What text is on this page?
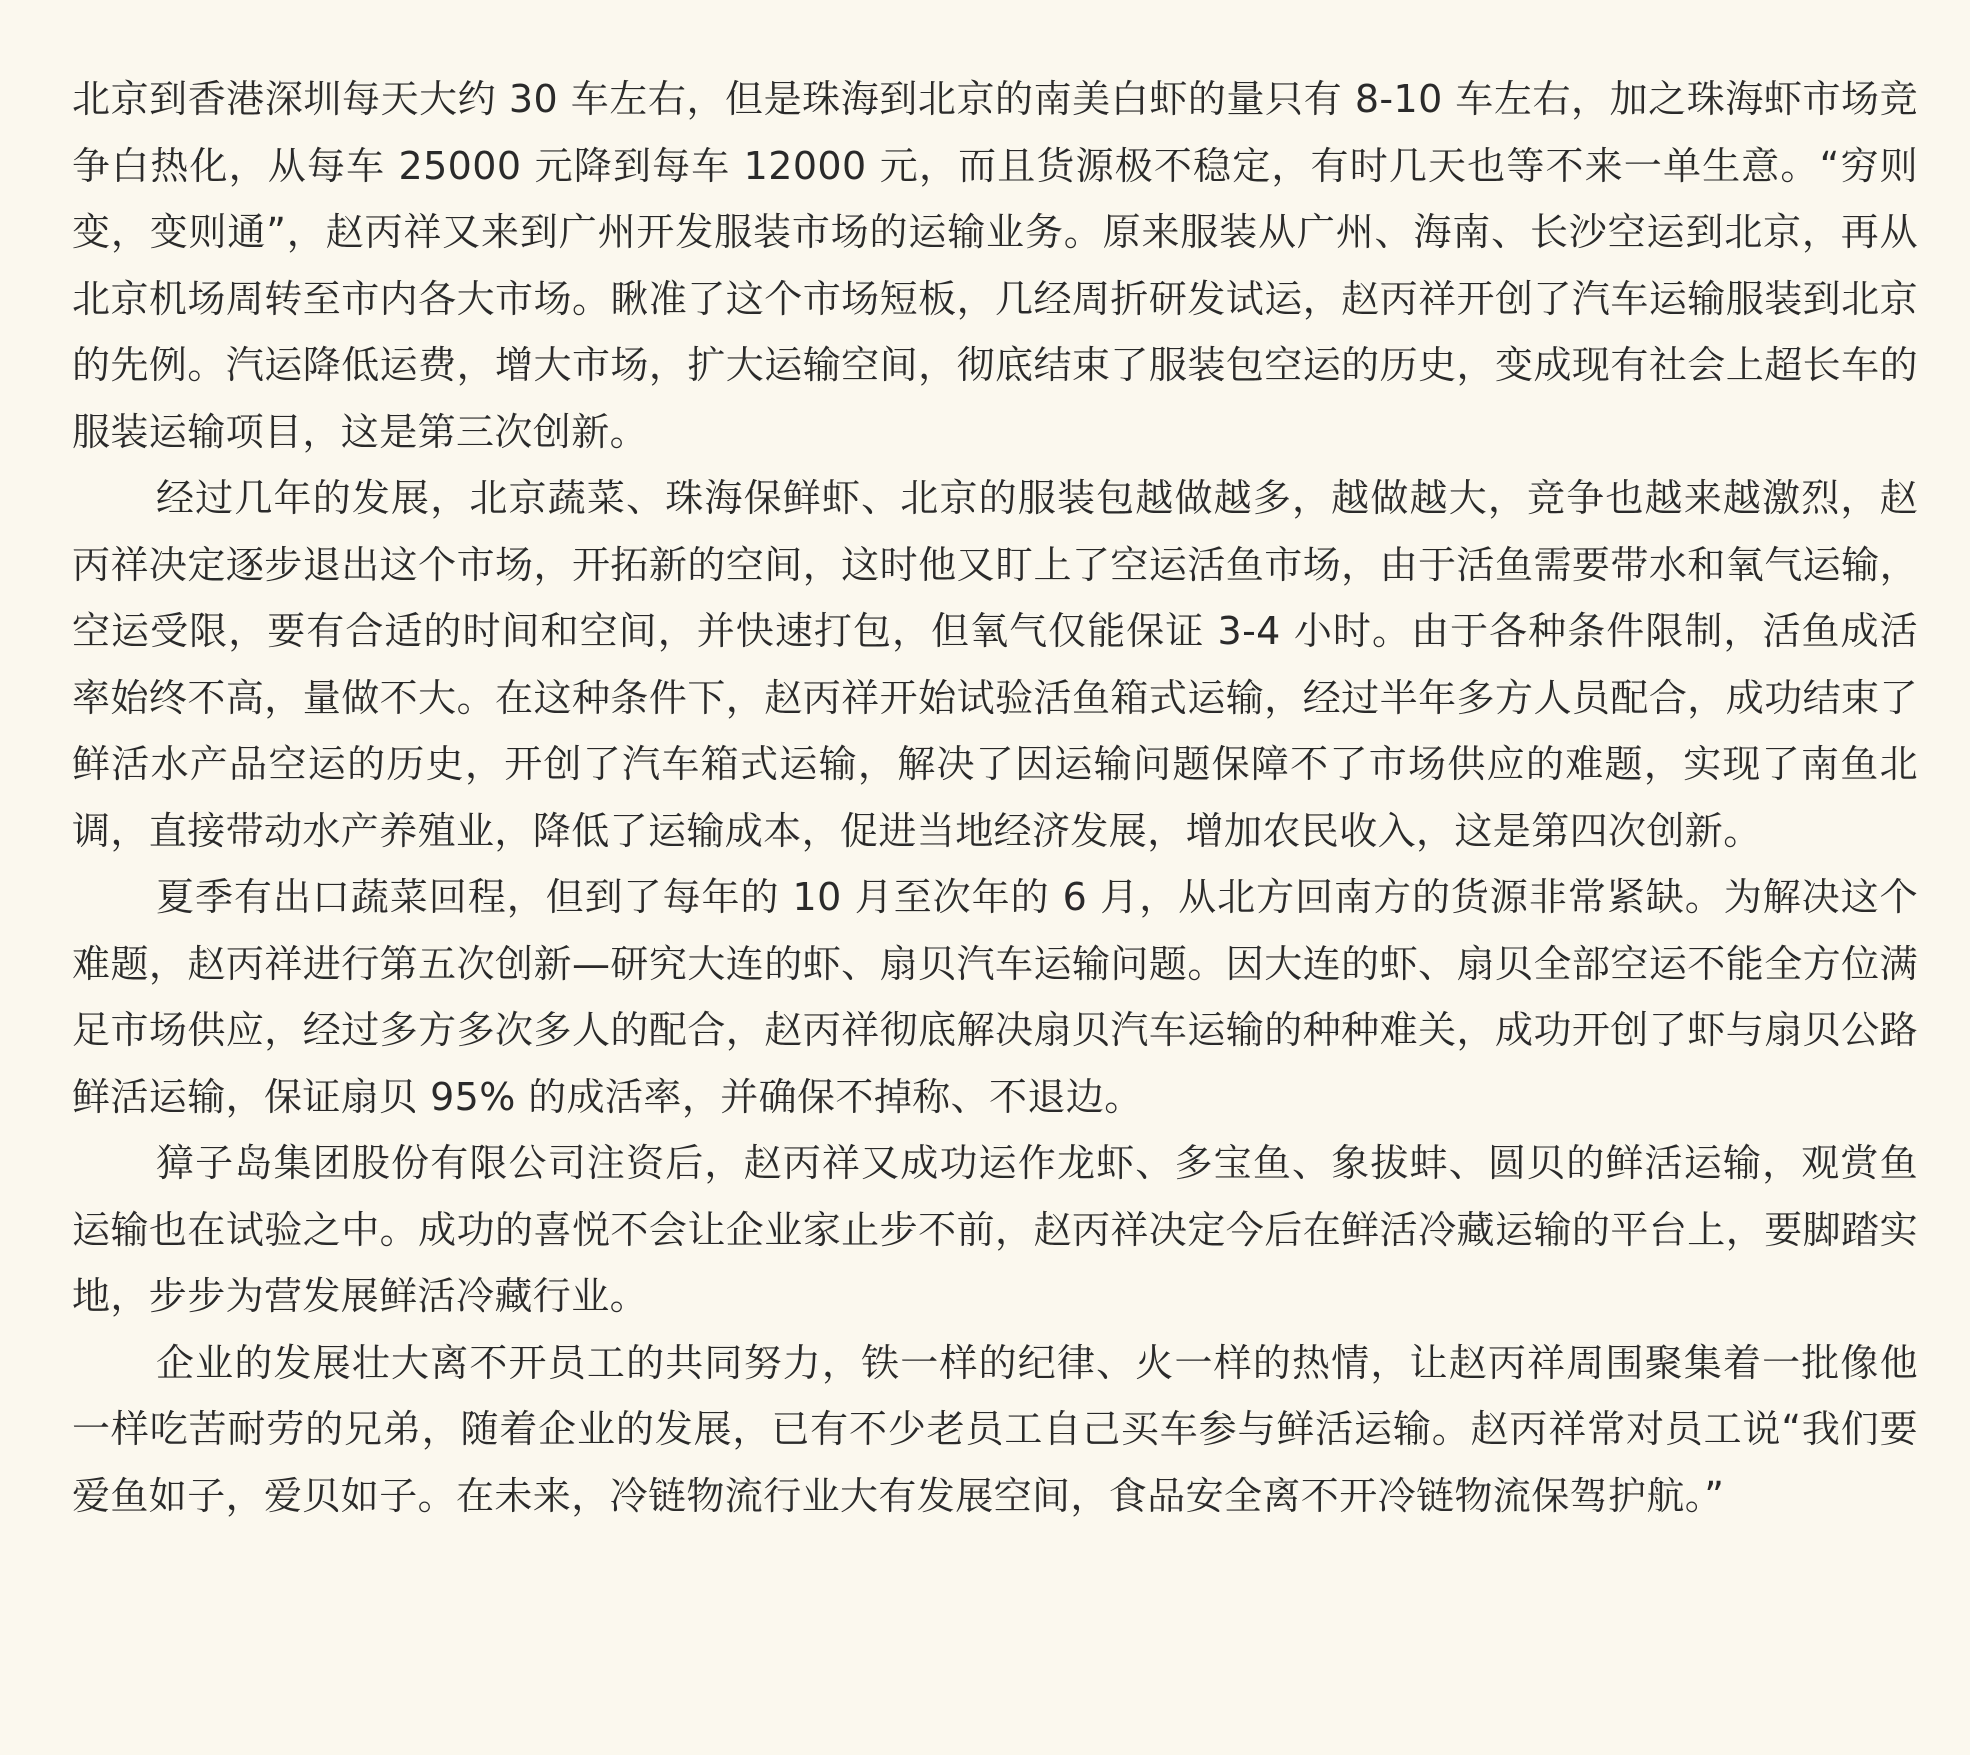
北京到香港深圳每天大约 30 车左右，但是珠海到北京的南美白虾的量只有 8-10 车左右，加之珠海虾市场竞争白热化，从每车 25000 元降到每车 12000 元，而且货源极不稳定，有时几天也等不来一单生意。“穷则变，变则通”，赵丙祥又来到广州开发服装市场的运输业务。原来服装从广州、海南、长沙空运到北京，再从北京机场周转至市内各大市场。瞅准了这个市场短板，几经周折研发试运，赵丙祥开创了汽车运输服装到北京的先例。汽运降低运费，增大市场，扩大运输空间，彻底结束了服装包空运的历史，变成现有社会上超长车的服装运输项目，这是第三次创新。

经过几年的发展，北京蔬菜、珠海保鲜虾、北京的服装包越做越多，越做越大，竞争也越来越激烈，赵丙祥决定逐步退出这个市场，开拓新的空间，这时他又盯上了空运活鱼市场，由于活鱼需要带水和氧气运输，空运受限，要有合适的时间和空间，并快速打包，但氧气仅能保证 3-4 小时。由于各种条件限制，活鱼成活率始终不高，量做不大。在这种条件下，赵丙祥开始试验活鱼箱式运输，经过半年多方人员配合，成功结束了鲜活水产品空运的历史，开创了汽车箱式运输，解决了因运输问题保障不了市场供应的难题，实现了南鱼北调，直接带动水产养殖业，降低了运输成本，促进当地经济发展，增加农民收入，这是第四次创新。

夏季有出口蔬菜回程，但到了每年的 10 月至次年的 6 月，从北方回南方的货源非常紧缺。为解决这个难题，赵丙祥进行第五次创新—研究大连的虾、扇贝汽车运输问题。因大连的虾、扇贝全部空运不能全方位满足市场供应，经过多方多次多人的配合，赵丙祥彻底解决扇贝汽车运输的种种难关，成功开创了虾与扇贝公路鲜活运输，保证扇贝 95% 的成活率，并确保不掉称、不退边。

獐子岛集团股份有限公司注资后，赵丙祥又成功运作龙虾、多宝鱼、象拔蚌、圆贝的鲜活运输，观赏鱼运输也在试验之中。成功的喜悦不会让企业家止步不前，赵丙祥决定今后在鲜活冷藏运输的平台上，要脚踏实地，步步为营发展鲜活冷藏行业。

企业的发展壮大离不开员工的共同努力，铁一样的纪律、火一样的热情，让赵丙祥周围聚集着一批像他一样吃苦耐劳的兄弟，随着企业的发展，已有不少老员工自己买车参与鲜活运输。赵丙祥常对员工说“我们要爱鱼如子，爱贝如子。在未来，冷链物流行业大有发展空间，食品安全离不开冷链物流保驾护航。”
